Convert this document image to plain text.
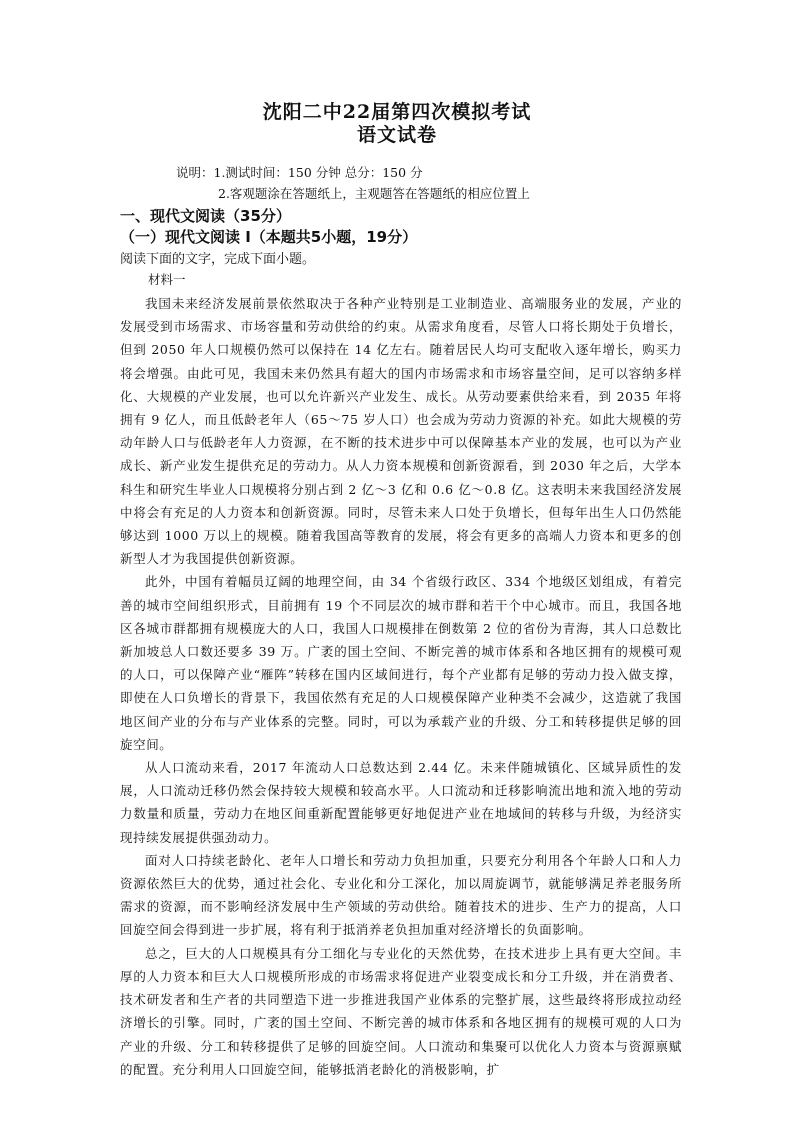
沈阳二中22届第四次模拟考试
语文试卷
说明：1.测试时间：150 分钟 总分：150 分
2.客观题涂在答题纸上，主观题答在答题纸的相应位置上
一、现代文阅读（35分）
（一）现代文阅读 I（本题共5小题，19分）
阅读下面的文字，完成下面小题。
材料一

我国未来经济发展前景依然取决于各种产业特别是工业制造业、高端服务业的发展，产业的发展受到市场需求、市场容量和劳动供给的约束。从需求角度看，尽管人口将长期处于负增长，但到 2050 年人口规模仍然可以保持在 14 亿左右。随着居民人均可支配收入逐年增长，购买力将会增强。由此可见，我国未来仍然具有超大的国内市场需求和市场容量空间，足可以容纳多样化、大规模的产业发展，也可以允许新兴产业发生、成长。从劳动要素供给来看，到 2035 年将拥有 9 亿人，而且低龄老年人（65～75 岁人口）也会成为劳动力资源的补充。如此大规模的劳动年龄人口与低龄老年人力资源，在不断的技术进步中可以保障基本产业的发展，也可以为产业成长、新产业发生提供充足的劳动力。从人力资本规模和创新资源看，到 2030 年之后，大学本科生和研究生毕业人口规模将分别占到 2 亿～3 亿和 0.6 亿～0.8 亿。这表明未来我国经济发展中将会有充足的人力资本和创新资源。同时，尽管未来人口处于负增长，但每年出生人口仍然能够达到 1000 万以上的规模。随着我国高等教育的发展，将会有更多的高端人力资本和更多的创新型人才为我国提供创新资源。

此外，中国有着幅员辽阔的地理空间，由 34 个省级行政区、334 个地级区划组成，有着完善的城市空间组织形式，目前拥有 19 个不同层次的城市群和若干个中心城市。而且，我国各地区各城市群都拥有规模庞大的人口，我国人口规模排在倒数第 2 位的省份为青海，其人口总数比新加坡总人口数还要多 39 万。广袤的国土空间、不断完善的城市体系和各地区拥有的规模可观的人口，可以保障产业“雁阵”转移在国内区域间进行，每个产业都有足够的劳动力投入做支撑，即使在人口负增长的背景下，我国依然有充足的人口规模保障产业种类不会减少，这造就了我国地区间产业的分布与产业体系的完整。同时，可以为承载产业的升级、分工和转移提供足够的回旋空间。

从人口流动来看，2017 年流动人口总数达到 2.44 亿。未来伴随城镇化、区域异质性的发展，人口流动迁移仍然会保持较大规模和较高水平。人口流动和迁移影响流出地和流入地的劳动力数量和质量，劳动力在地区间重新配置能够更好地促进产业在地域间的转移与升级，为经济实现持续发展提供强劲动力。

面对人口持续老龄化、老年人口增长和劳动力负担加重，只要充分利用各个年龄人口和人力资源依然巨大的优势，通过社会化、专业化和分工深化，加以周旋调节，就能够满足养老服务所需求的资源，而不影响经济发展中生产领域的劳动供给。随着技术的进步、生产力的提高，人口回旋空间会得到进一步扩展，将有利于抵消养老负担加重对经济增长的负面影响。

总之，巨大的人口规模具有分工细化与专业化的天然优势，在技术进步上具有更大空间。丰厚的人力资本和巨大人口规模所形成的市场需求将促进产业裂变成长和分工升级，并在消费者、技术研发者和生产者的共同塑造下进一步推进我国产业体系的完整扩展，这些最终将形成拉动经济增长的引擎。同时，广袤的国土空间、不断完善的城市体系和各地区拥有的规模可观的人口为产业的升级、分工和转移提供了足够的回旋空间。人口流动和集聚可以优化人力资本与资源禀赋的配置。充分利用人口回旋空间，能够抵消老龄化的消极影响，扩
